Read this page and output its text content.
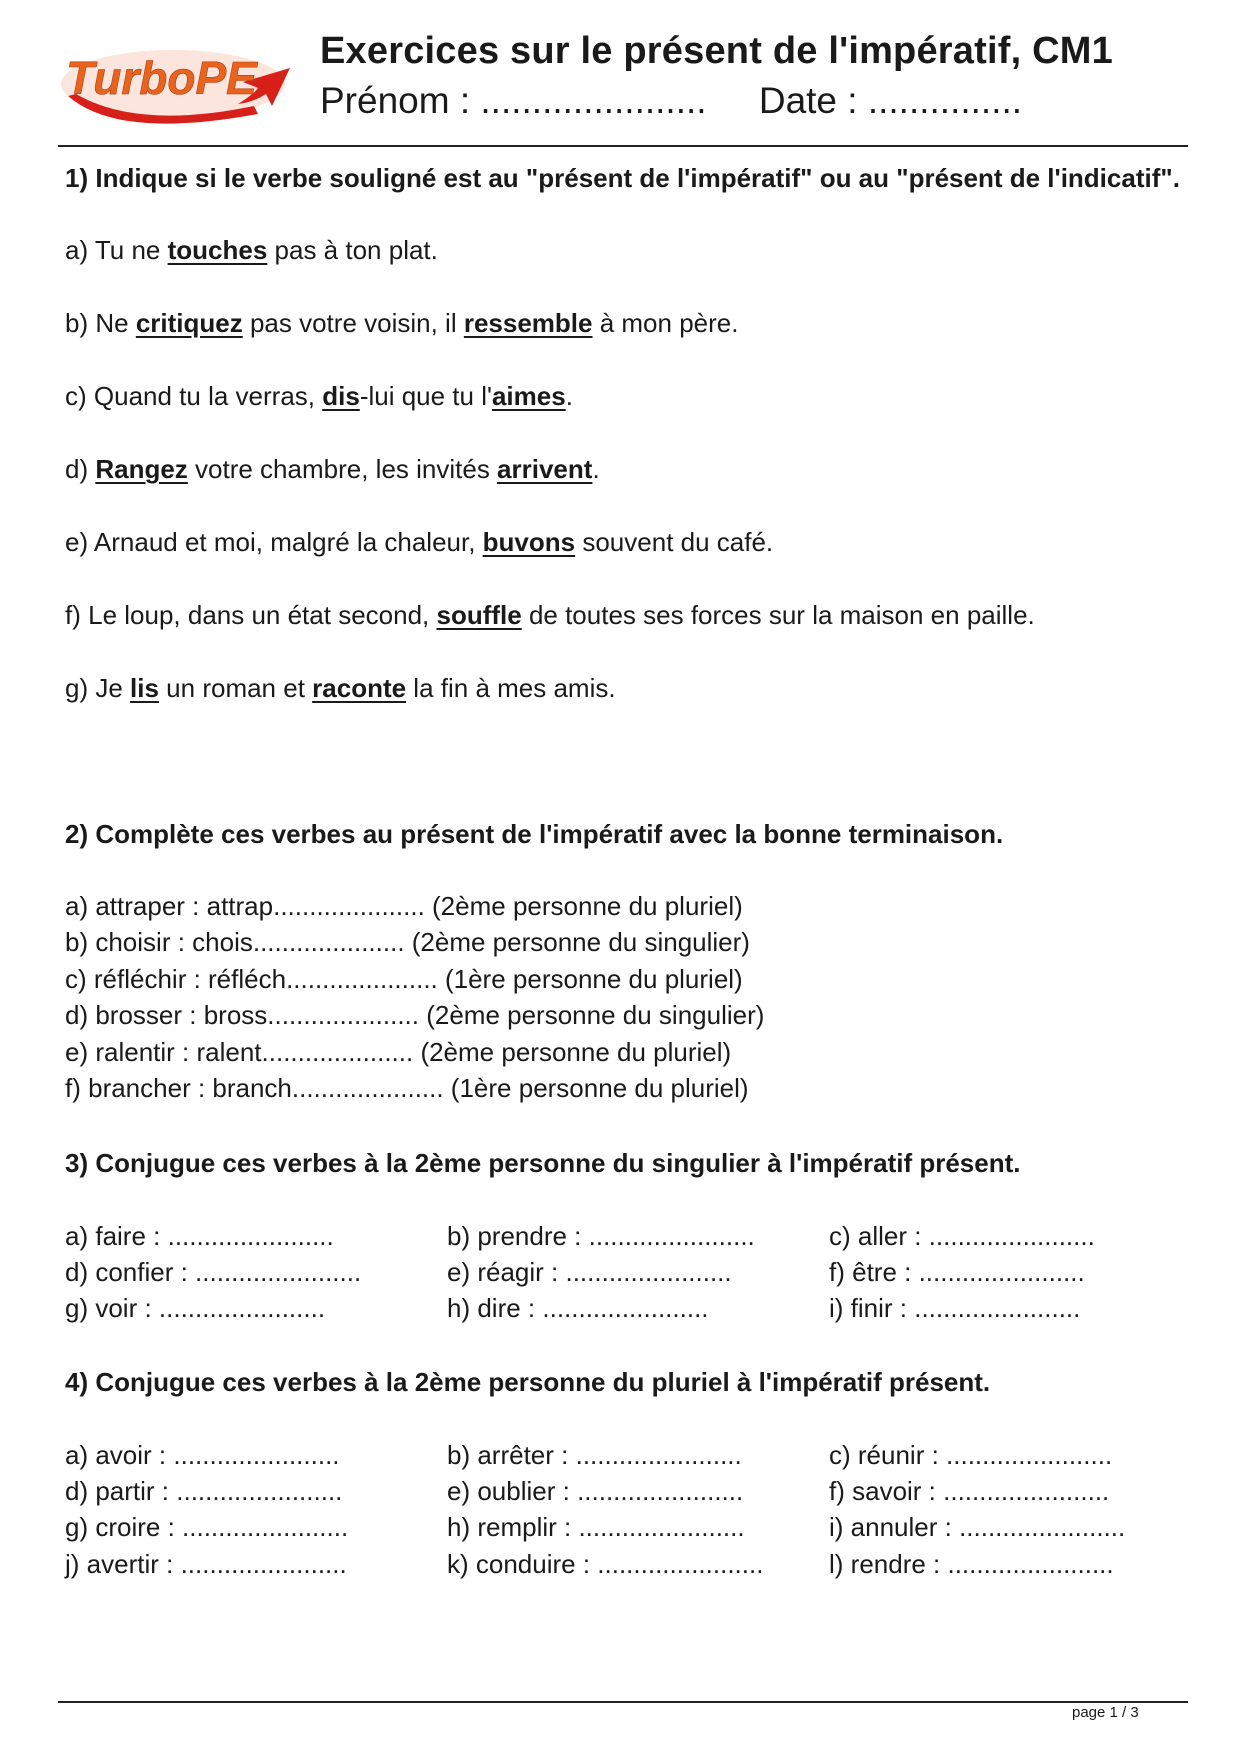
TurboPE
Exercices sur le présent de l'impératif, CM1
Prénom : ...................... Date : ...............

1) Indique si le verbe souligné est au "présent de l'impératif" ou au "présent de l'indicatif".

a) Tu ne touches pas à ton plat.
b) Ne critiquez pas votre voisin, il ressemble à mon père.
c) Quand tu la verras, dis-lui que tu l'aimes.
d) Rangez votre chambre, les invités arrivent.
e) Arnaud et moi, malgré la chaleur, buvons souvent du café.
f) Le loup, dans un état second, souffle de toutes ses forces sur la maison en paille.
g) Je lis un roman et raconte la fin à mes amis.

2) Complète ces verbes au présent de l'impératif avec la bonne terminaison.

a) attraper : attrap..................... (2ème personne du pluriel)
b) choisir : chois..................... (2ème personne du singulier)
c) réfléchir : réfléch..................... (1ère personne du pluriel)
d) brosser : bross..................... (2ème personne du singulier)
e) ralentir : ralent..................... (2ème personne du pluriel)
f) brancher : branch..................... (1ère personne du pluriel)

3) Conjugue ces verbes à la 2ème personne du singulier à l'impératif présent.

a) faire : .......................	b) prendre : .......................	c) aller : .......................
d) confier : .......................	e) réagir : .......................	f) être : .......................
g) voir : .......................	h) dire : .......................	i) finir : .......................

4) Conjugue ces verbes à la 2ème personne du pluriel à l'impératif présent.

a) avoir : .......................	b) arrêter : .......................	c) réunir : .......................
d) partir : .......................	e) oublier : .......................	f) savoir : .......................
g) croire : .......................	h) remplir : .......................	i) annuler : .......................
j) avertir : .......................	k) conduire : .......................	l) rendre : .......................
page 1 / 3
